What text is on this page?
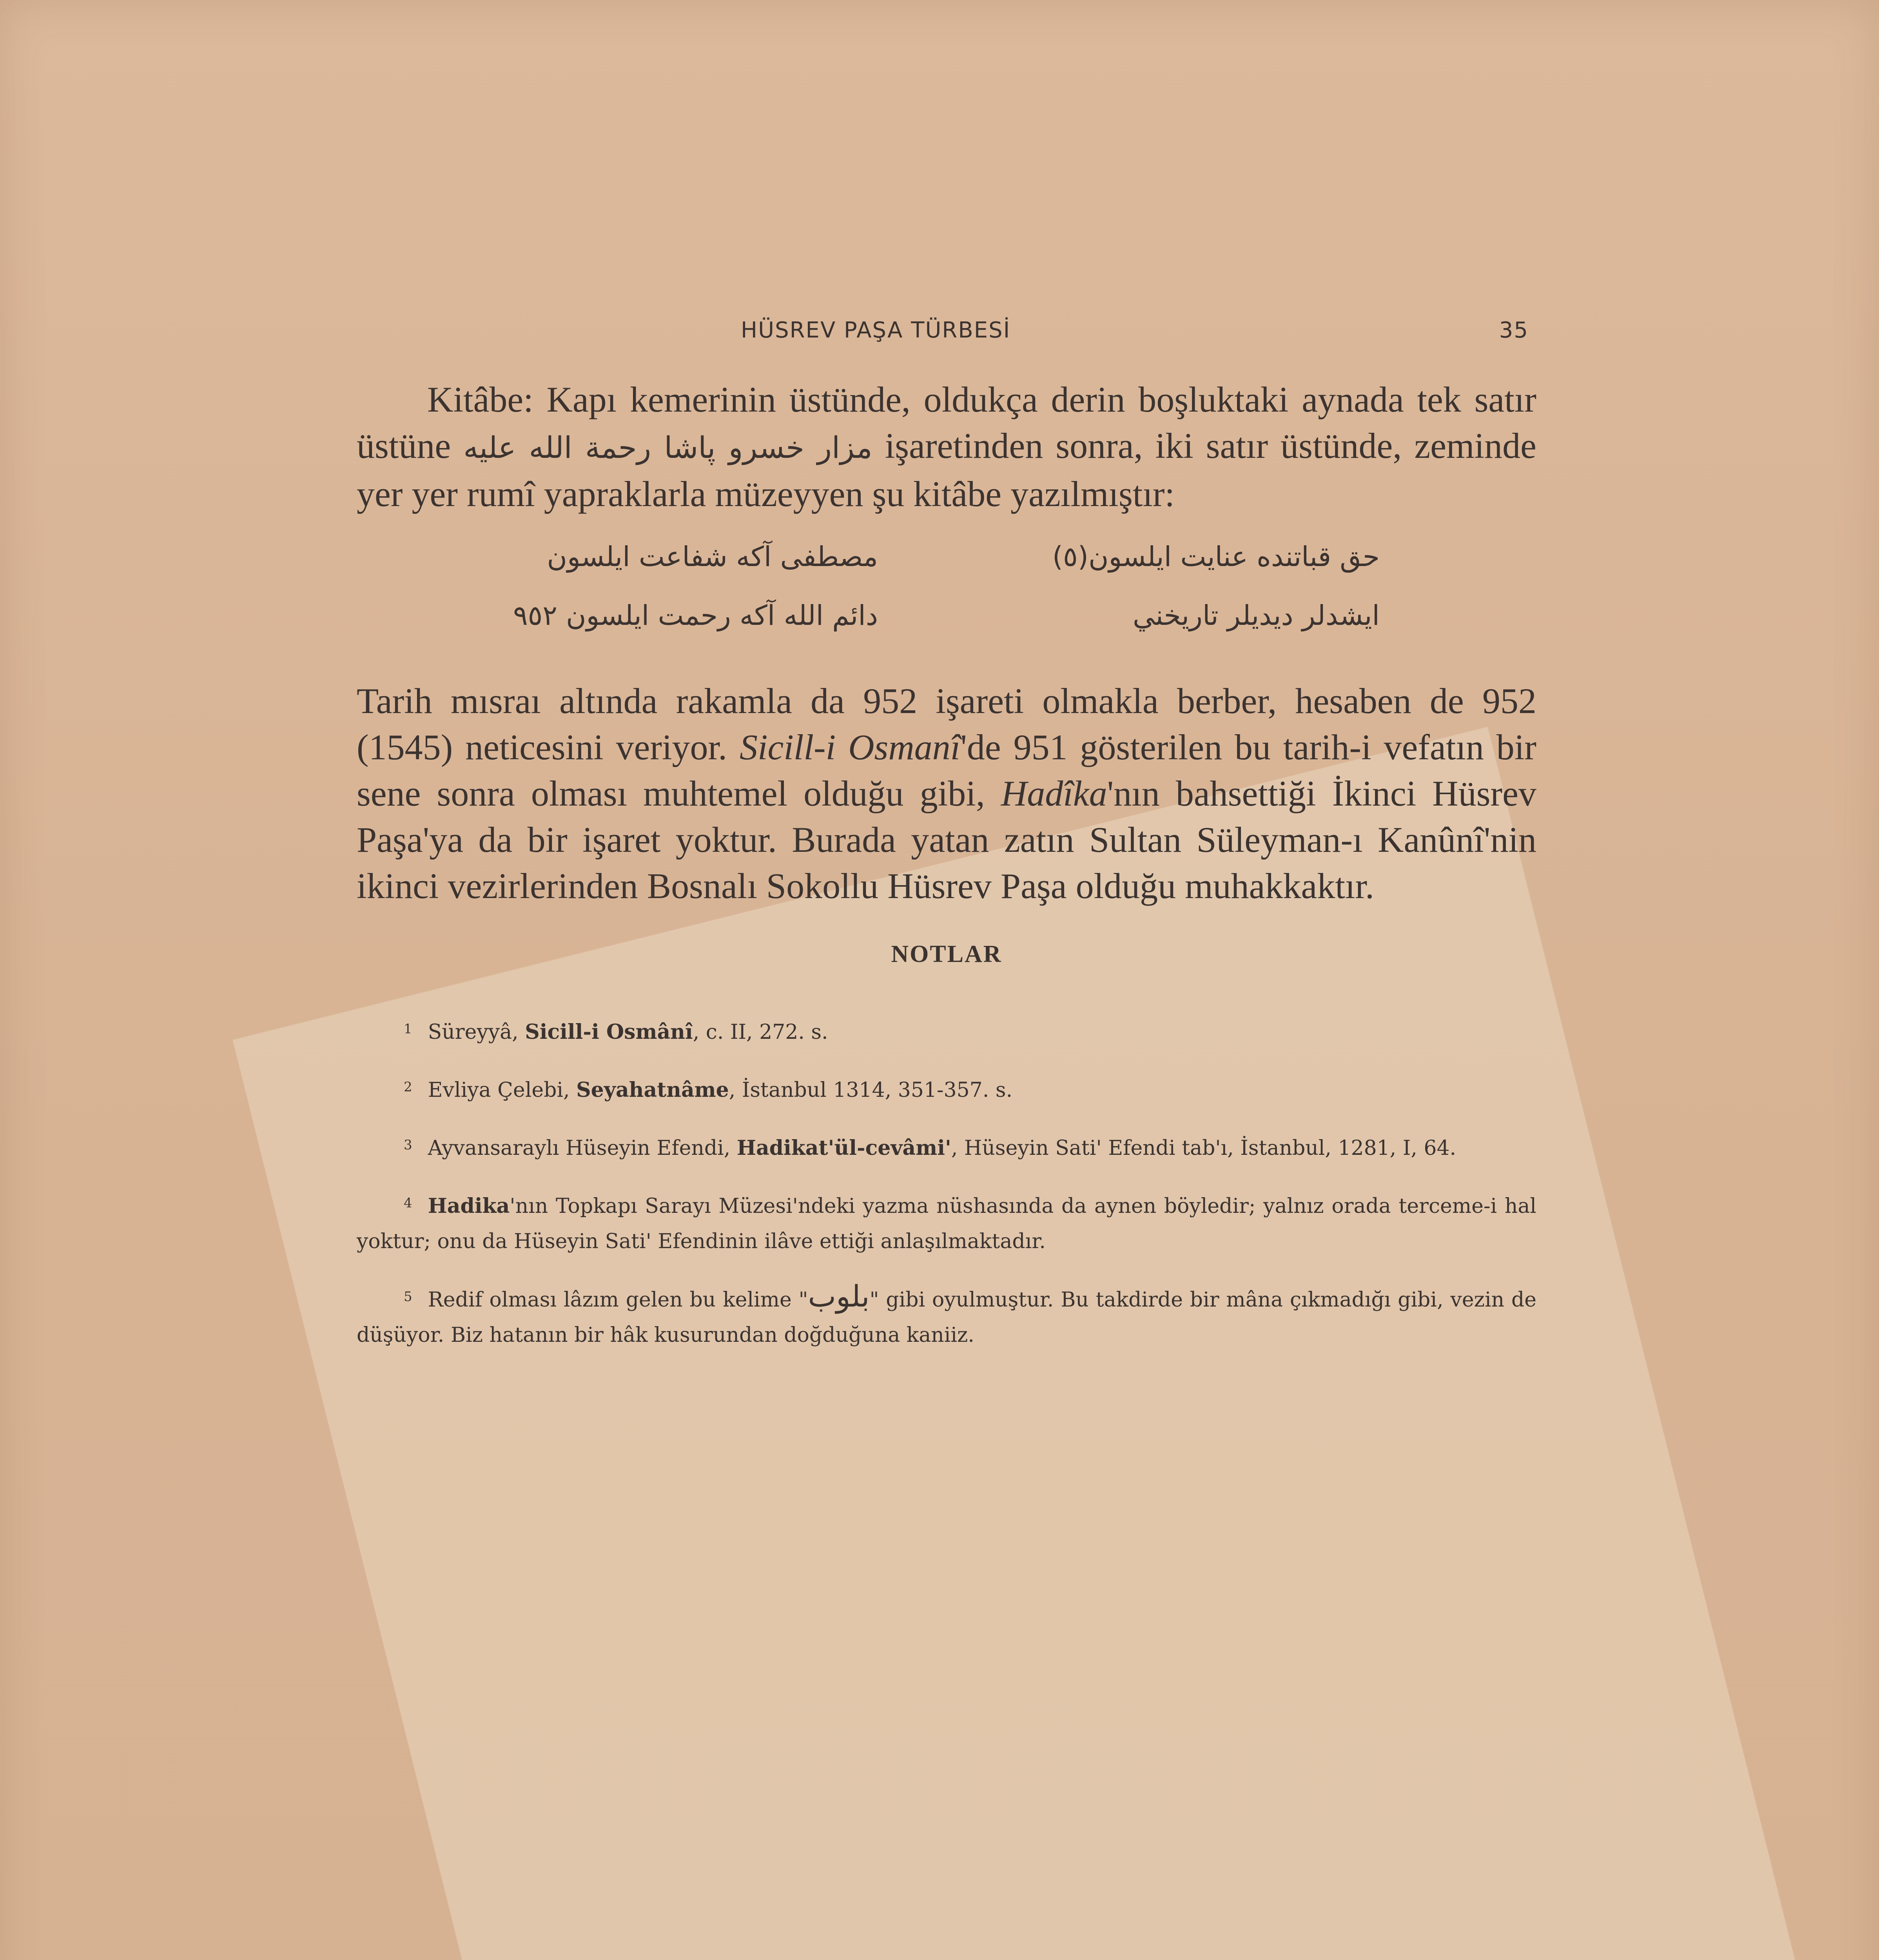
HÜSREV PAŞA TÜRBESİ	35

Kitâbe: Kapı kemerinin üstünde, oldukça derin boşluktaki aynada tek satır üstüne مزار خسرو پاشا رحمة الله عليه işaretinden sonra, iki satır üstünde, zeminde yer yer rumî yapraklarla müzeyyen şu kitâbe yazılmıştır:

حق قباتنده عنايت ايلسون(٥)
مصطفى آكه شفاعت ايلسون
ايشدلر ديديلر تاريخني
دائم الله آكه رحمت ايلسون ٩٥٢

Tarih mısraı altında rakamla da 952 işareti olmakla berber, hesaben de 952 (1545) neticesini veriyor. Sicill-i Osmanî'de 951 gösterilen bu tarih-i vefatın bir sene sonra olması muhtemel olduğu gibi, Hadîka'nın bahsettiği İkinci Hüsrev Paşa'ya da bir işaret yoktur. Burada yatan zatın Sultan Süleyman-ı Kanûnî'nin ikinci vezirlerinden Bosnalı Sokollu Hüsrev Paşa olduğu muhakkaktır.

NOTLAR

$^1$ Süreyyâ, Sicill-i Osmânî, c. II, 272. s.

$^2$ Evliya Çelebi, Seyahatnâme, İstanbul 1314, 351-357. s.

$^3$ Ayvansaraylı Hüseyin Efendi, Hadikat'ül-cevâmi', Hüseyin Sati' Efendi tab'ı, İstanbul, 1281, I, 64.

$^4$ Hadika'nın Topkapı Sarayı Müzesi'ndeki yazma nüshasında da aynen böyledir; yalnız orada terceme-i hal yoktur; onu da Hüseyin Sati' Efendinin ilâve ettiği anlaşılmaktadır.

$^5$ Redif olması lâzım gelen bu kelime "بلوب" gibi oyulmuştur. Bu takdirde bir mâna çıkmadığı gibi, vezin de düşüyor. Biz hatanın bir hâk kusurundan doğduğuna kaniiz.
